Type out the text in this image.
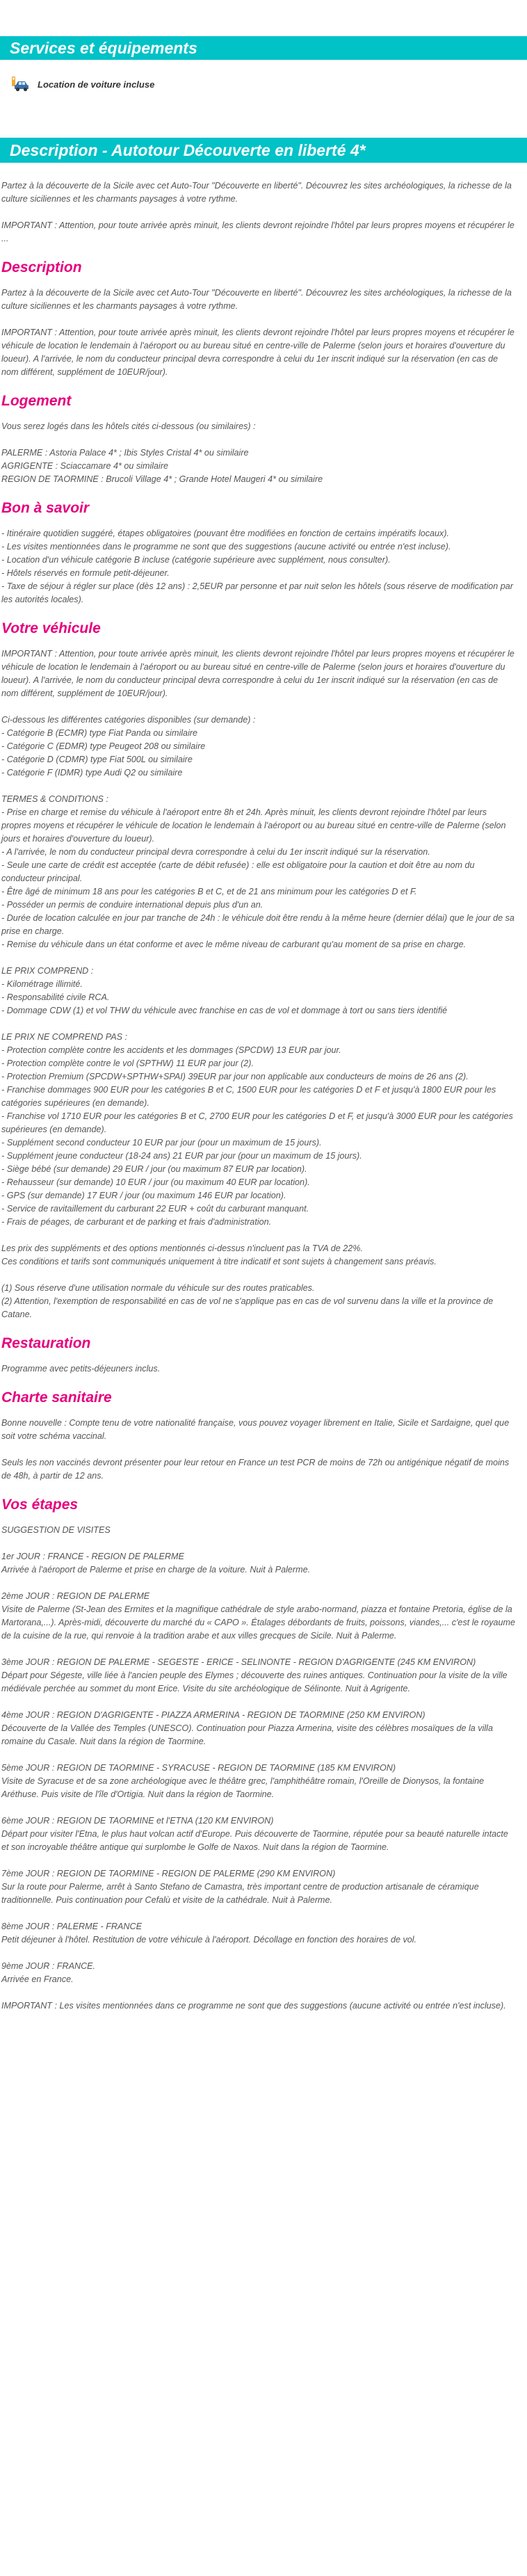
Services et équipements
Location de voiture incluse
Description - Autotour Découverte en liberté 4*

Partez à la découverte de la Sicile avec cet Auto-Tour "Découverte en liberté". Découvrez les sites archéologiques, la richesse de la culture siciliennes et les charmants paysages à votre rythme.

IMPORTANT : Attention, pour toute arrivée après minuit, les clients devront rejoindre l'hôtel par leurs propres moyens et récupérer le ...

Description

Partez à la découverte de la Sicile avec cet Auto-Tour "Découverte en liberté". Découvrez les sites archéologiques, la richesse de la culture siciliennes et les charmants paysages à votre rythme.

IMPORTANT : Attention, pour toute arrivée après minuit, les clients devront rejoindre l'hôtel par leurs propres moyens et récupérer le véhicule de location le lendemain à l'aéroport ou au bureau situé en centre-ville de Palerme (selon jours et horaires d'ouverture du loueur). A l'arrivée, le nom du conducteur principal devra correspondre à celui du 1er inscrit indiqué sur la réservation (en cas de nom différent, supplément de 10EUR/jour).

Logement

Vous serez logés dans les hôtels cités ci-dessous (ou similaires) :

PALERME : Astoria Palace 4* ; Ibis Styles Cristal 4* ou similaire
AGRIGENTE : Sciaccamare 4* ou similaire
REGION DE TAORMINE : Brucoli Village 4* ; Grande Hotel Maugeri 4* ou similaire

Bon à savoir

- Itinéraire quotidien suggéré, étapes obligatoires (pouvant être modifiées en fonction de certains impératifs locaux).
- Les visites mentionnées dans le programme ne sont que des suggestions (aucune activité ou entrée n'est incluse).
- Location d'un véhicule catégorie B incluse (catégorie supérieure avec supplément, nous consulter).
- Hôtels réservés en formule petit-déjeuner.
- Taxe de séjour à régler sur place (dès 12 ans) : 2,5EUR par personne et par nuit selon les hôtels (sous réserve de modification par les autorités locales).

Votre véhicule

IMPORTANT : Attention, pour toute arrivée après minuit, les clients devront rejoindre l'hôtel par leurs propres moyens et récupérer le véhicule de location le lendemain à l'aéroport ou au bureau situé en centre-ville de Palerme (selon jours et horaires d'ouverture du loueur). A l'arrivée, le nom du conducteur principal devra correspondre à celui du 1er inscrit indiqué sur la réservation (en cas de nom différent, supplément de 10EUR/jour).

Ci-dessous les différentes catégories disponibles (sur demande) :
- Catégorie B (ECMR) type Fiat Panda ou similaire
- Catégorie C (EDMR) type Peugeot 208 ou similaire
- Catégorie D (CDMR) type Fiat 500L ou similaire
- Catégorie F (IDMR) type Audi Q2 ou similaire

TERMES & CONDITIONS :
- Prise en charge et remise du véhicule à l'aéroport entre 8h et 24h. Après minuit, les clients devront rejoindre l'hôtel par leurs propres moyens et récupérer le véhicule de location le lendemain à l'aéroport ou au bureau situé en centre-ville de Palerme (selon jours et horaires d'ouverture du loueur).
- A l'arrivée, le nom du conducteur principal devra correspondre à celui du 1er inscrit indiqué sur la réservation.
- Seule une carte de crédit est acceptée (carte de débit refusée) : elle est obligatoire pour la caution et doit être au nom du conducteur principal.
- Être âgé de minimum 18 ans pour les catégories B et C, et de 21 ans minimum pour les catégories D et F.
- Posséder un permis de conduire international depuis plus d'un an.
- Durée de location calculée en jour par tranche de 24h : le véhicule doit être rendu à la même heure (dernier délai) que le jour de sa prise en charge.
- Remise du véhicule dans un état conforme et avec le même niveau de carburant qu'au moment de sa prise en charge.

LE PRIX COMPREND :
- Kilométrage illimité.
- Responsabilité civile RCA.
- Dommage CDW (1) et vol THW du véhicule avec franchise en cas de vol et dommage à tort ou sans tiers identifié

LE PRIX NE COMPREND PAS :
- Protection complète contre les accidents et les dommages (SPCDW) 13 EUR par jour.
- Protection complète contre le vol (SPTHW) 11 EUR par jour (2).
- Protection Premium (SPCDW+SPTHW+SPAI) 39EUR par jour non applicable aux conducteurs de moins de 26 ans (2).
- Franchise dommages 900 EUR pour les catégories B et C, 1500 EUR pour les catégories D et F et jusqu'à 1800 EUR pour les catégories supérieures (en demande).
- Franchise vol 1710 EUR pour les catégories B et C, 2700 EUR pour les catégories D et F, et jusqu'à 3000 EUR pour les catégories supérieures (en demande).
- Supplément second conducteur 10 EUR par jour (pour un maximum de 15 jours).
- Supplément jeune conducteur (18-24 ans) 21 EUR par jour (pour un maximum de 15 jours).
- Siège bébé (sur demande) 29 EUR / jour (ou maximum 87 EUR par location).
- Rehausseur (sur demande) 10 EUR / jour (ou maximum 40 EUR par location).
- GPS (sur demande) 17 EUR / jour (ou maximum 146 EUR par location).
- Service de ravitaillement du carburant 22 EUR + coût du carburant manquant.
- Frais de péages, de carburant et de parking et frais d'administration.

Les prix des suppléments et des options mentionnés ci-dessus n'incluent pas la TVA de 22%.
Ces conditions et tarifs sont communiqués uniquement à titre indicatif et sont sujets à changement sans préavis.

(1) Sous réserve d'une utilisation normale du véhicule sur des routes praticables.
(2) Attention, l'exemption de responsabilité en cas de vol ne s'applique pas en cas de vol survenu dans la ville et la province de Catane.

Restauration

Programme avec petits-déjeuners inclus.

Charte sanitaire

Bonne nouvelle : Compte tenu de votre nationalité française, vous pouvez voyager librement en Italie, Sicile et Sardaigne, quel que soit votre schéma vaccinal.

Seuls les non vaccinés devront présenter pour leur retour en France un test PCR de moins de 72h ou antigénique négatif de moins de 48h, à partir de 12 ans.

Vos étapes

SUGGESTION DE VISITES

1er JOUR : FRANCE - REGION DE PALERME
Arrivée à l'aéroport de Palerme et prise en charge de la voiture. Nuit à Palerme.

2ème JOUR : REGION DE PALERME
Visite de Palerme (St-Jean des Ermites et la magnifique cathédrale de style arabo-normand, piazza et fontaine Pretoria, église de la Martorana,...). Après-midi, découverte du marché du « CAPO ». Étalages débordants de fruits, poissons, viandes,... c'est le royaume de la cuisine de la rue, qui renvoie à la tradition arabe et aux villes grecques de Sicile. Nuit à Palerme.

3ème JOUR : REGION DE PALERME - SEGESTE - ERICE - SELINONTE - REGION D'AGRIGENTE (245 KM ENVIRON)
Départ pour Ségeste, ville liée à l'ancien peuple des Elymes ; découverte des ruines antiques. Continuation pour la visite de la ville médiévale perchée au sommet du mont Erice. Visite du site archéologique de Sélinonte. Nuit à Agrigente.

4ème JOUR : REGION D'AGRIGENTE - PIAZZA ARMERINA - REGION DE TAORMINE (250 KM ENVIRON)
Découverte de la Vallée des Temples (UNESCO). Continuation pour Piazza Armerina, visite des célèbres mosaïques de la villa romaine du Casale. Nuit dans la région de Taormine.

5ème JOUR : REGION DE TAORMINE - SYRACUSE - REGION DE TAORMINE (185 KM ENVIRON)
Visite de Syracuse et de sa zone archéologique avec le théâtre grec, l'amphithéâtre romain, l'Oreille de Dionysos, la fontaine Aréthuse. Puis visite de l'île d'Ortigia. Nuit dans la région de Taormine.

6ème JOUR : REGION DE TAORMINE et l'ETNA (120 KM ENVIRON)
Départ pour visiter l'Etna, le plus haut volcan actif d'Europe. Puis découverte de Taormine, réputée pour sa beauté naturelle intacte et son incroyable théâtre antique qui surplombe le Golfe de Naxos. Nuit dans la région de Taormine.

7ème JOUR : REGION DE TAORMINE - REGION DE PALERME (290 KM ENVIRON)
Sur la route pour Palerme, arrêt à Santo Stefano de Camastra, très important centre de production artisanale de céramique traditionnelle. Puis continuation pour Cefalù et visite de la cathédrale. Nuit à Palerme.

8ème JOUR : PALERME - FRANCE
Petit déjeuner à l'hôtel. Restitution de votre véhicule à l'aéroport. Décollage en fonction des horaires de vol.

9ème JOUR : FRANCE.
Arrivée en France.

IMPORTANT : Les visites mentionnées dans ce programme ne sont que des suggestions (aucune activité ou entrée n'est incluse).
